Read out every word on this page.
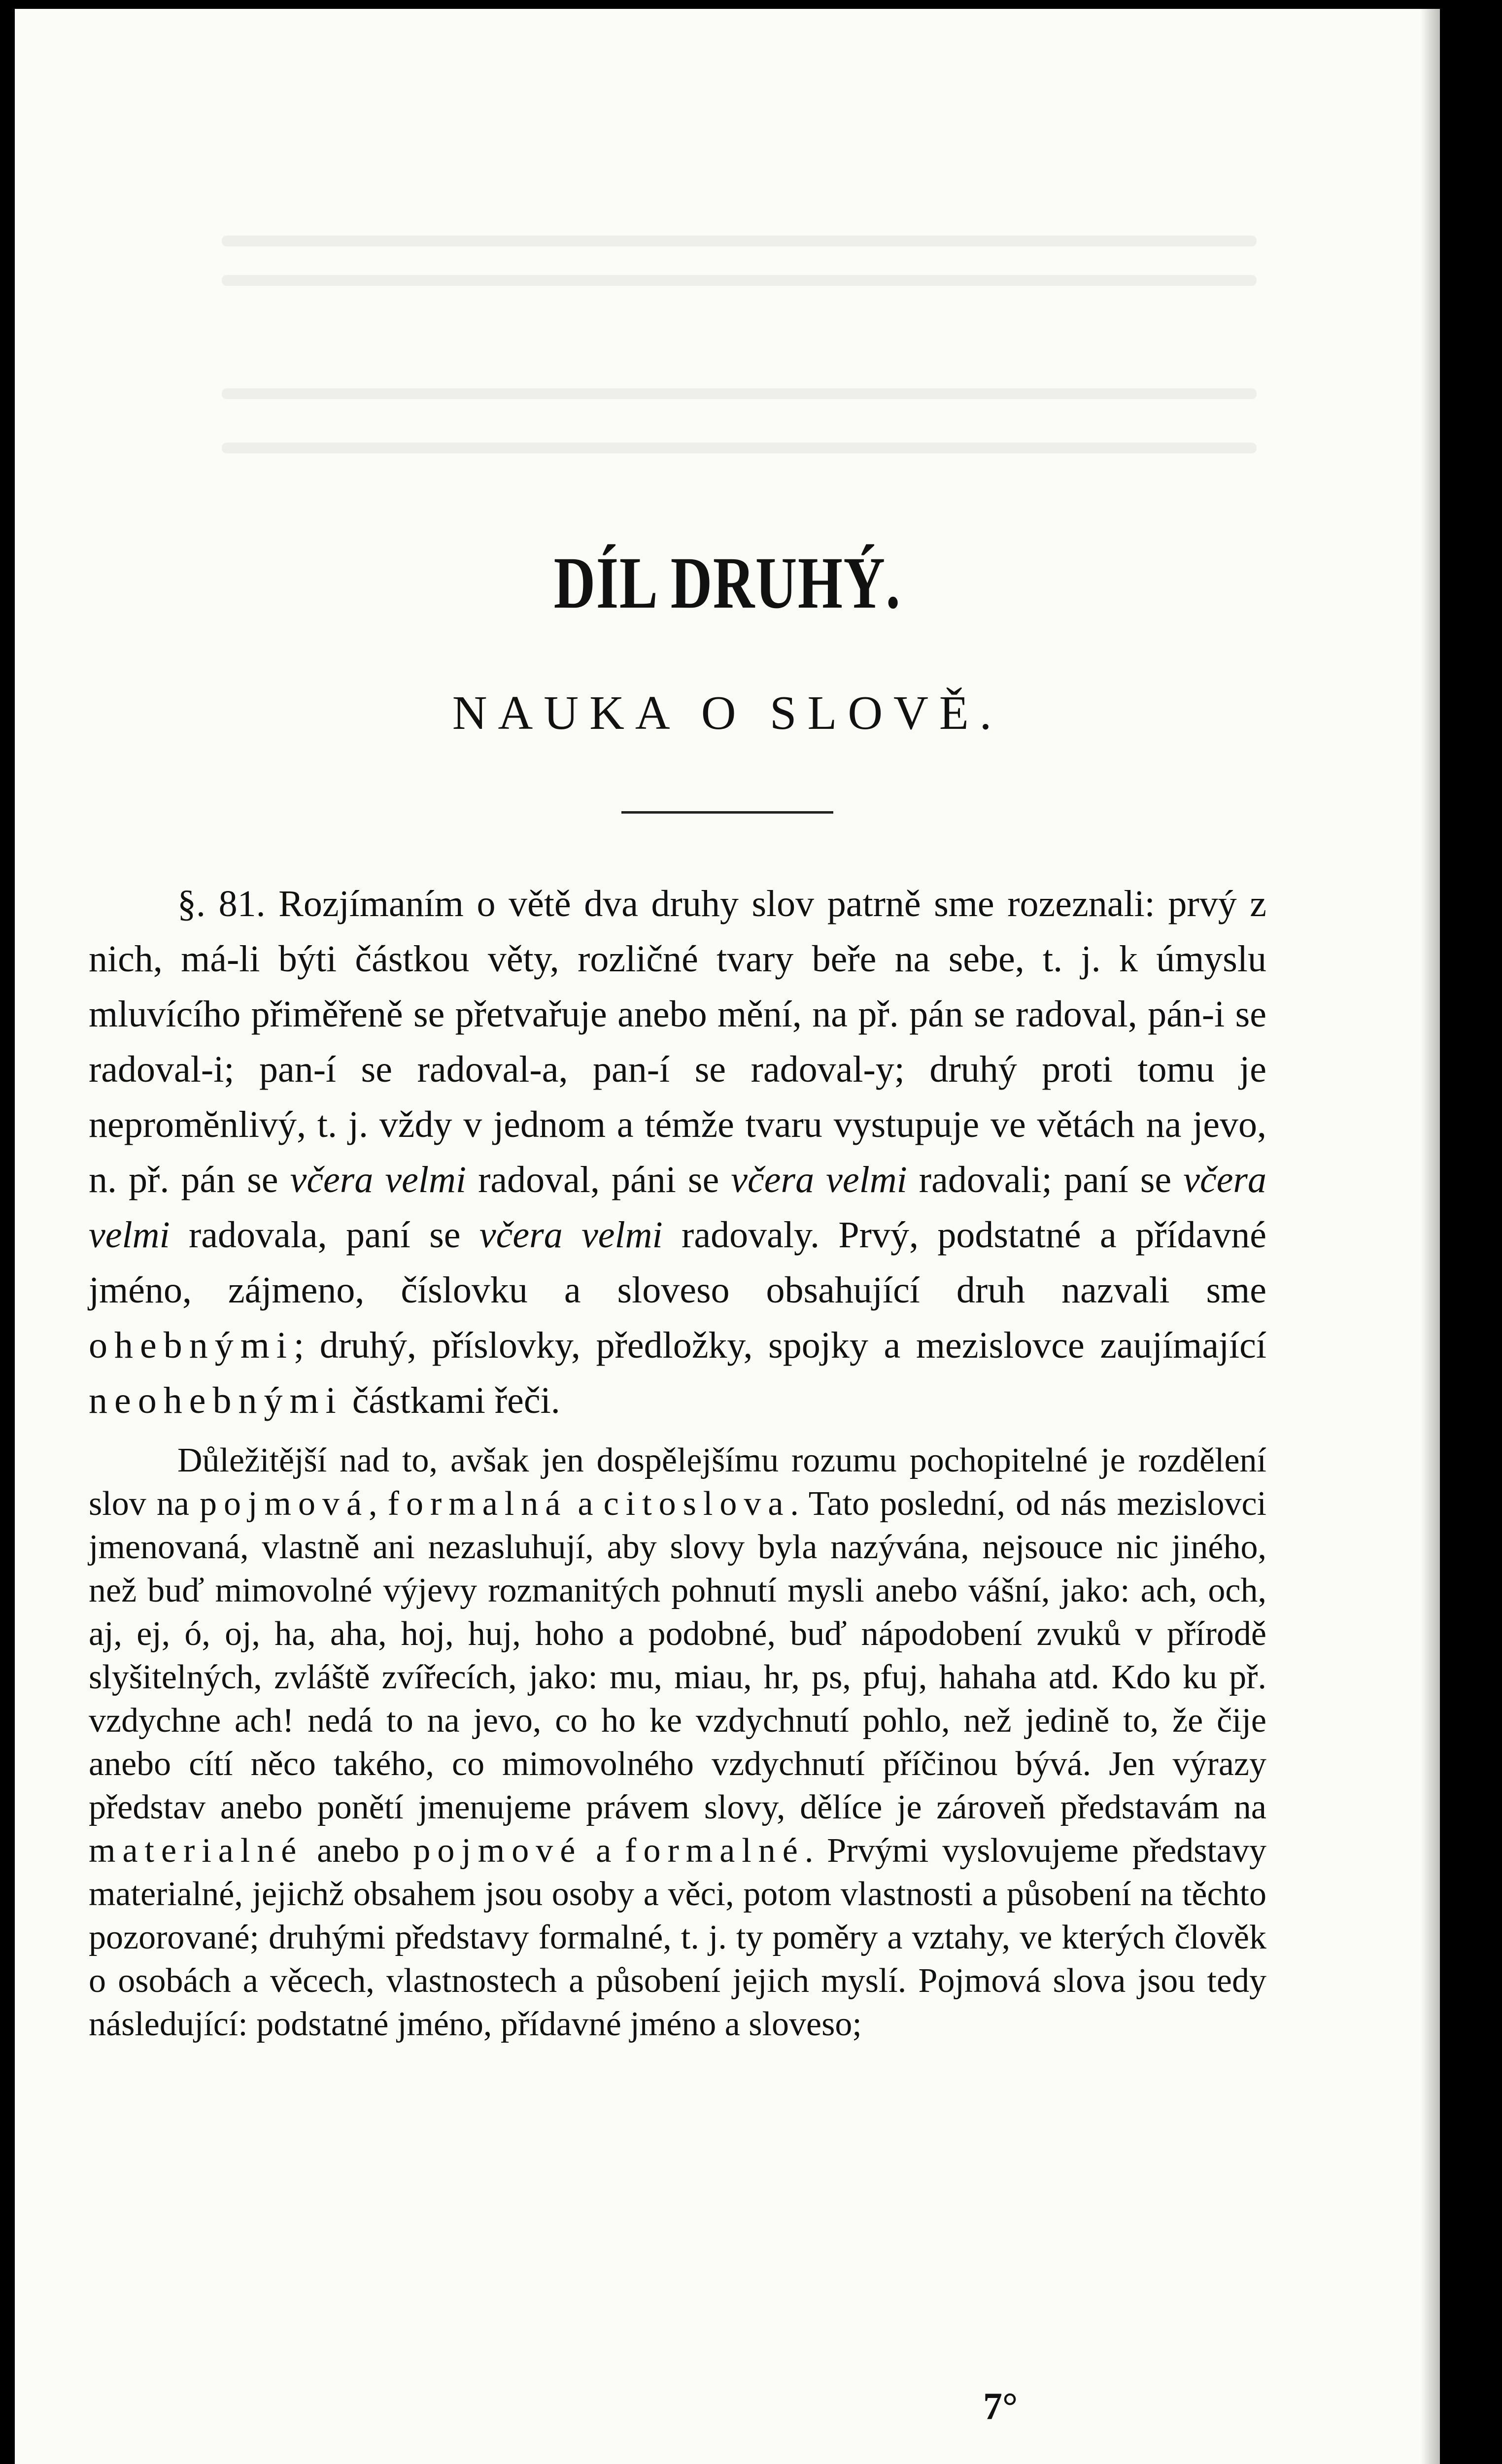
DÍL DRUHÝ.
NAUKA O SLOVĚ.

§. 81. Rozjímaním o větě dva druhy slov patrně sme rozeznali: prvý z nich, má-li býti částkou věty, rozličné tvary beře na sebe, t. j. k úmyslu mluvícího přiměřeně se přetvařuje anebo mění, na př. pán se radoval, pán-i se radoval-i; pan-í se radoval-a, pan-í se radoval-y; druhý proti tomu je nepromĕnlivý, t. j. vždy v jednom a témže tvaru vystupuje ve větách na jevo, n. př. pán se včera velmi radoval, páni se včera velmi radovali; paní se včera velmi radovala, paní se včera velmi radovaly. Prvý, podstatné a přídavné jméno, zájmeno, číslovku a sloveso obsahující druh nazvali sme ohebnými; druhý, příslovky, předložky, spojky a mezislovce zaujímající neohebnými částkami řeči.

Důležitější nad to, avšak jen dospělejšímu rozumu pochopitelné je rozdělení slov na pojmová, formalná a citoslova. Tato poslední, od nás mezislovci jmenovaná, vlastně ani nezasluhují, aby slovy byla nazývána, nejsouce nic jiného, než buď mimovolné výjevy rozmanitých pohnutí mysli anebo vášní, jako: ach, och, aj, ej, ó, oj, ha, aha, hoj, huj, hoho a podobné, buď nápodobení zvuků v přírodě slyšitelných, zvláště zvířecích, jako: mu, miau, hr, ps, pfuj, hahaha atd. Kdo ku př. vzdychne ach! nedá to na jevo, co ho ke vzdychnutí pohlo, než jedině to, že čije anebo cítí něco takého, co mimovolného vzdychnutí příčinou bývá. Jen výrazy představ anebo ponětí jmenujeme právem slovy, dělíce je zároveň představám na materialné anebo pojmové a formalné. Prvými vyslovujeme představy materialné, jejichž obsahem jsou osoby a věci, potom vlastnosti a působení na těchto pozorované; druhými představy formalné, t. j. ty poměry a vztahy, ve kterých člověk o osobách a věcech, vlastnostech a působení jejich myslí. Pojmová slova jsou tedy následující: podstatné jméno, přídavné jméno a sloveso;

7°
